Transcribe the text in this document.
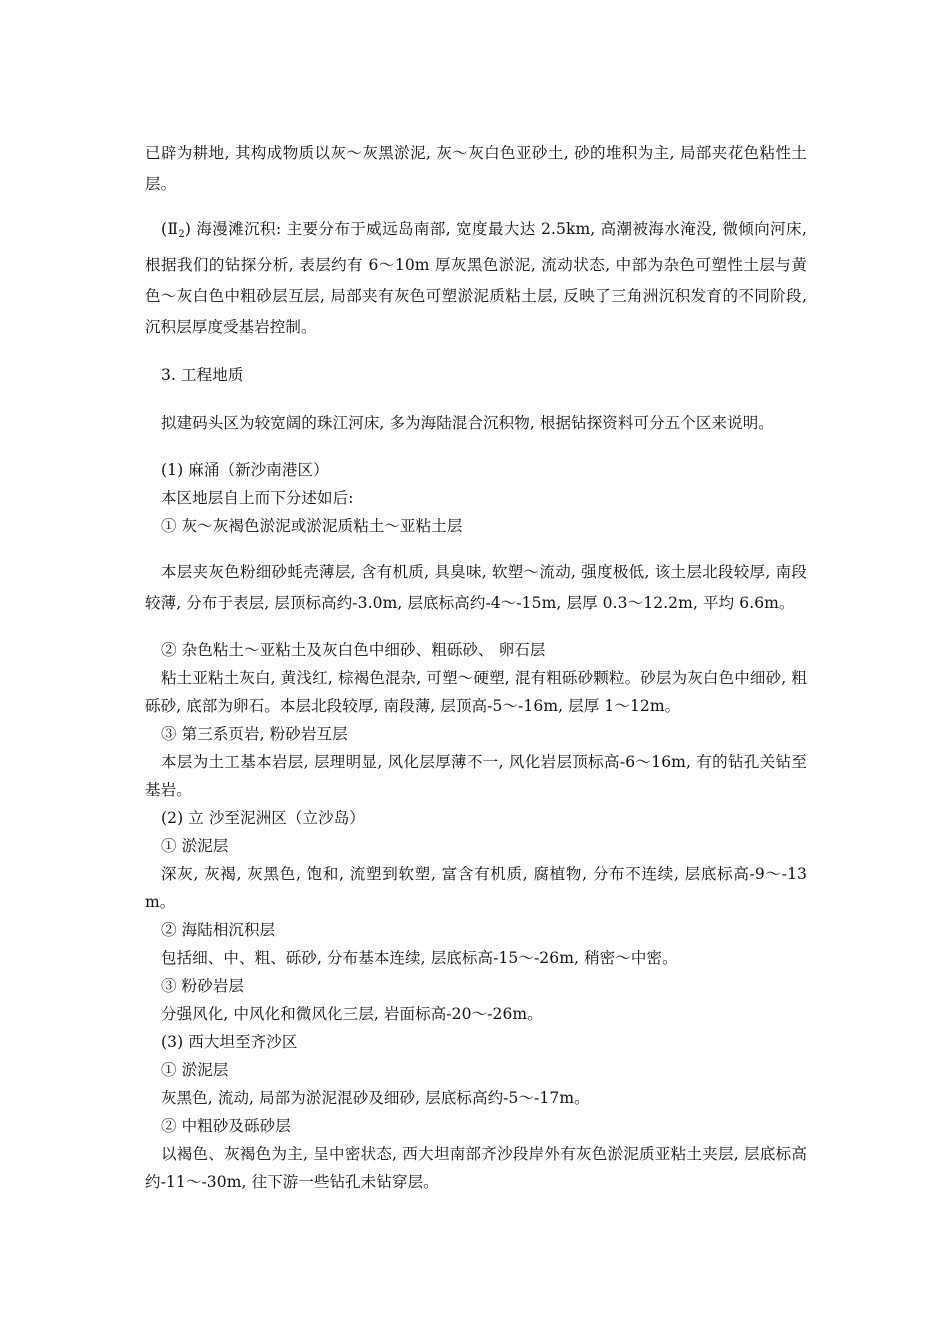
已辟为耕地, 其构成物质以灰～灰黑淤泥, 灰～灰白色亚砂土, 砂的堆积为主, 局部夹花色粘性土层。

$(Ⅱ_2)$ 海漫滩沉积: 主要分布于威远岛南部, 宽度最大达 2.5km, 高潮被海水淹没, 微倾向河床, 根据我们的钻探分析, 表层约有 6～10m 厚灰黑色淤泥, 流动状态, 中部为杂色可塑性土层与黄色～灰白色中粗砂层互层, 局部夹有灰色可塑淤泥质粘土层, 反映了三角洲沉积发育的不同阶段, 沉积层厚度受基岩控制。

3. 工程地质

拟建码头区为较宽阔的珠江河床, 多为海陆混合沉积物, 根据钻探资料可分五个区来说明。

(1) 麻涌（新沙南港区）

本区地层自上而下分述如后:

① 灰～灰褐色淤泥或淤泥质粘土～亚粘土层

本层夹灰色粉细砂蚝壳薄层, 含有机质, 具臭味, 软塑～流动, 强度极低, 该土层北段较厚, 南段较薄, 分布于表层, 层顶标高约-3.0m, 层底标高约-4～-15m, 层厚 0.3～12.2m, 平均 6.6m。

② 杂色粘土～亚粘土及灰白色中细砂、粗砾砂、 卵石层

粘土亚粘土灰白, 黄浅红, 棕褐色混杂, 可塑～硬塑, 混有粗砾砂颗粒。砂层为灰白色中细砂, 粗砾砂, 底部为卵石。本层北段较厚, 南段薄, 层顶高-5～-16m, 层厚 1～12m。

③ 第三系页岩, 粉砂岩互层

本层为土工基本岩层, 层理明显, 风化层厚薄不一, 风化岩层顶标高-6～16m, 有的钻孔关钻至基岩。

(2) 立 沙至泥洲区（立沙岛）

① 淤泥层

深灰, 灰褐, 灰黑色, 饱和, 流塑到软塑, 富含有机质, 腐植物, 分布不连续, 层底标高-9～-13m。

② 海陆相沉积层

包括细、中、粗、砾砂, 分布基本连续, 层底标高-15～-26m, 稍密～中密。

③ 粉砂岩层

分强风化, 中风化和微风化三层, 岩面标高-20～-26m。

(3) 西大坦至齐沙区

① 淤泥层

灰黑色, 流动, 局部为淤泥混砂及细砂, 层底标高约-5～-17m。

② 中粗砂及砾砂层

以褐色、灰褐色为主, 呈中密状态, 西大坦南部齐沙段岸外有灰色淤泥质亚粘土夹层, 层底标高约-11～-30m, 往下游一些钻孔未钻穿层。
